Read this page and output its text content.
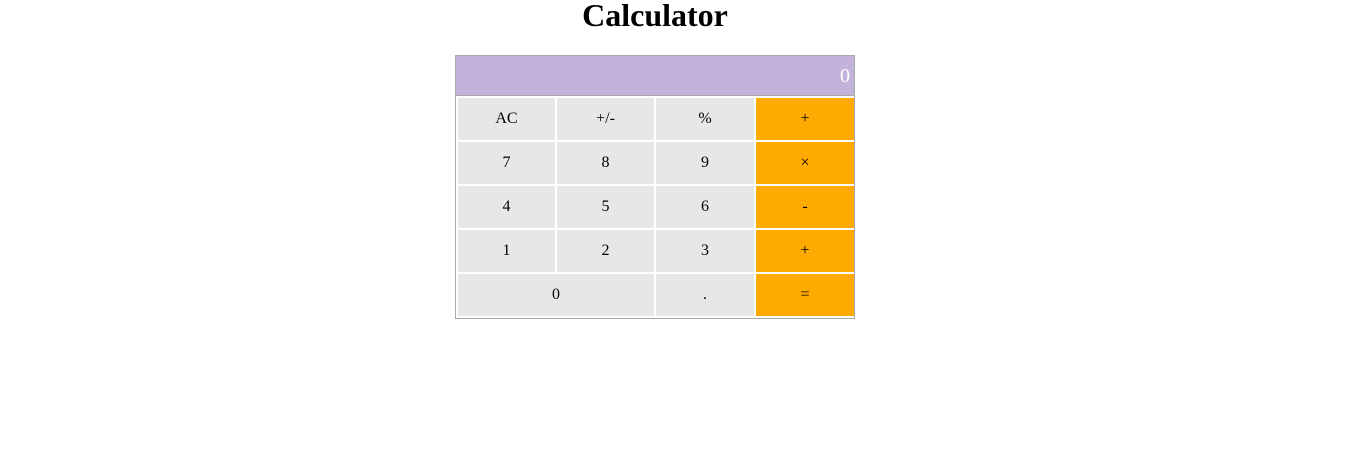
Calculator
0
AC	+/-	%	+
7	8	9	×
4	5	6	-
1	2	3	+
0	.	=
